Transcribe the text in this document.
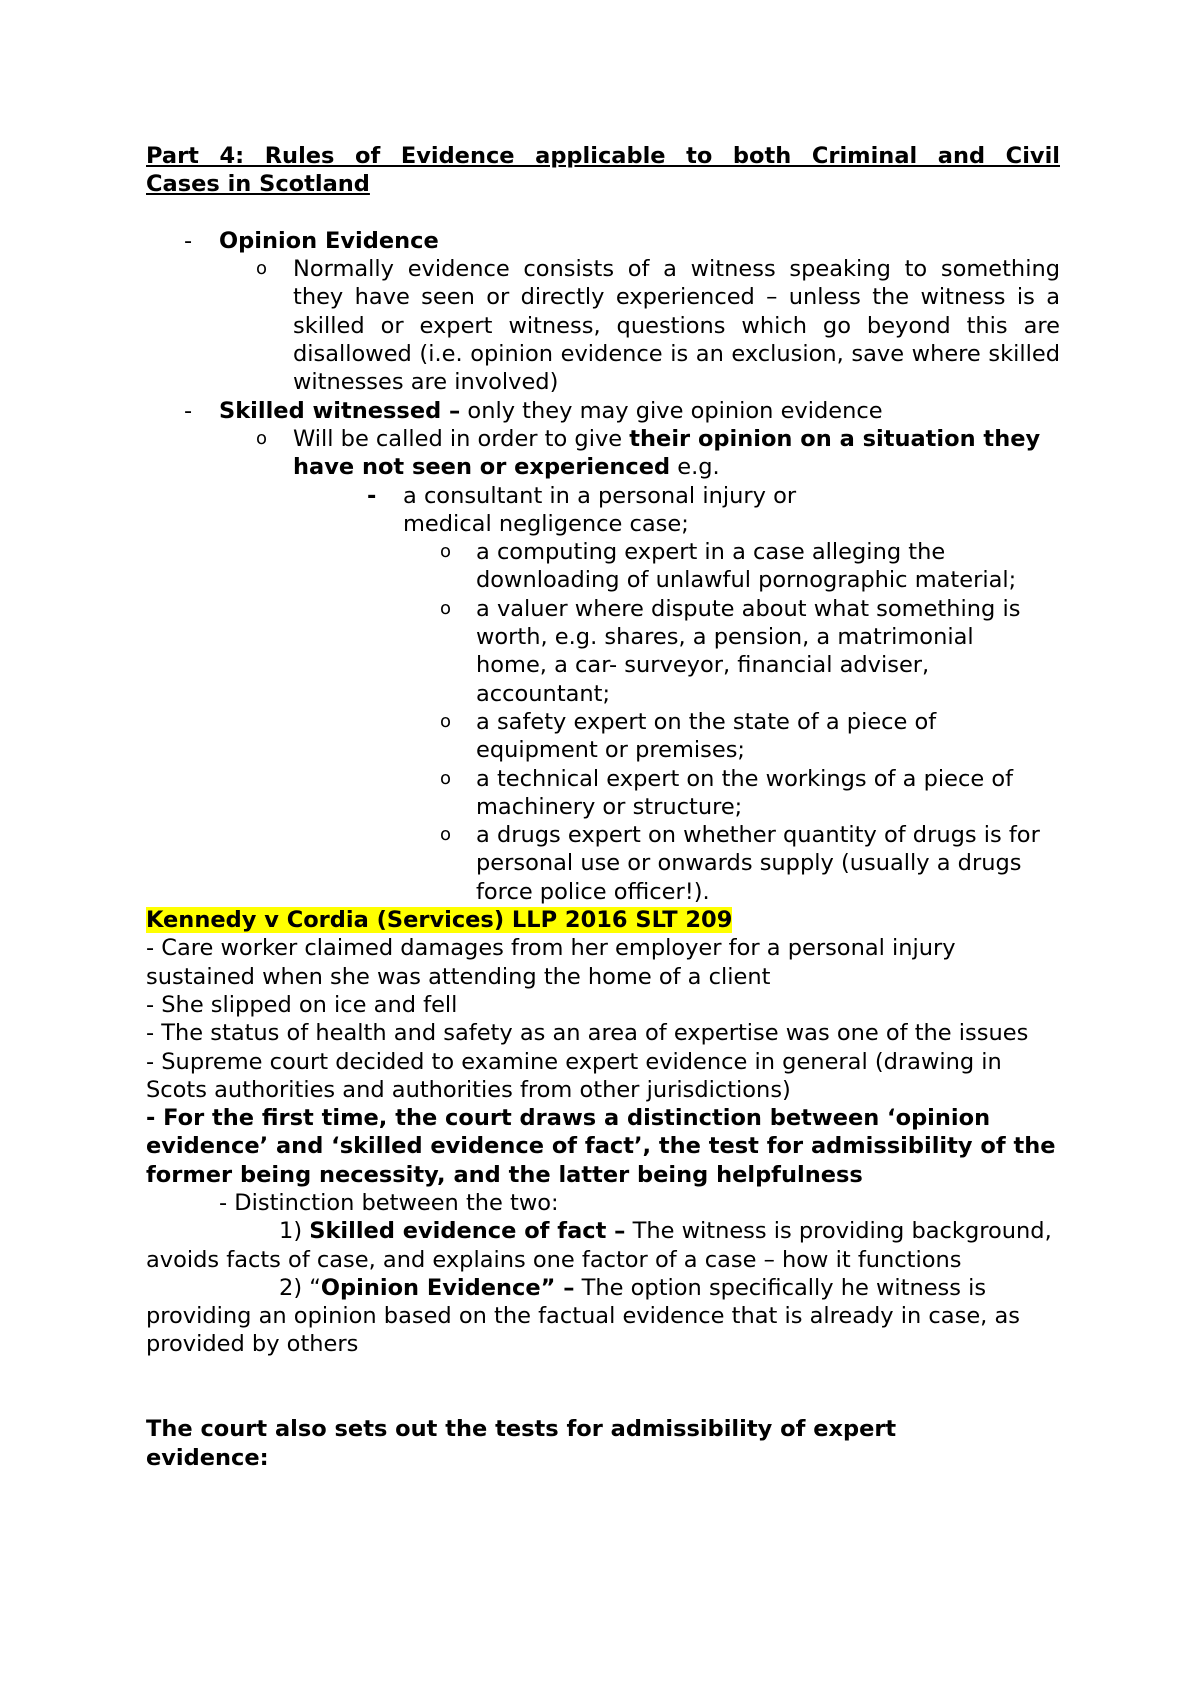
Part 4: Rules of Evidence applicable to both Criminal and Civil

Cases in Scotland

-	Opinion Evidence

o	Normally evidence consists of a witness speaking to something they have seen or directly experienced – unless the witness is a skilled or expert witness, questions which go beyond this are disallowed (i.e. opinion evidence is an exclusion, save where skilled witnesses are involved)

-	Skilled witnessed – only they may give opinion evidence

o	Will be called in order to give their opinion on a situation they have not seen or experienced e.g.

-	a consultant in a personal injury or medical negligence case;

o	a computing expert in a case alleging the downloading of unlawful pornographic material;

o	a valuer where dispute about what something is worth, e.g. shares, a pension, a matrimonial home, a car- surveyor, financial adviser, accountant;

o	a safety expert on the state of a piece of equipment or premises;

o	a technical expert on the workings of a piece of machinery or structure;

o	a drugs expert on whether quantity of drugs is for personal use or onwards supply (usually a drugs force police officer!).

Kennedy v Cordia (Services) LLP 2016 SLT 209

- Care worker claimed damages from her employer for a personal injury sustained when she was attending the home of a client

- She slipped on ice and fell

- The status of health and safety as an area of expertise was one of the issues

- Supreme court decided to examine expert evidence in general (drawing in Scots authorities and authorities from other jurisdictions)

- For the first time, the court draws a distinction between ‘opinion evidence’ and ‘skilled evidence of fact’, the test for admissibility of the former being necessity, and the latter being helpfulness

- Distinction between the two:

1) Skilled evidence of fact – The witness is providing background, avoids facts of case, and explains one factor of a case – how it functions

2) “Opinion Evidence” – The option specifically he witness is providing an opinion based on the factual evidence that is already in case, as provided by others

The court also sets out the tests for admissibility of expert evidence:
